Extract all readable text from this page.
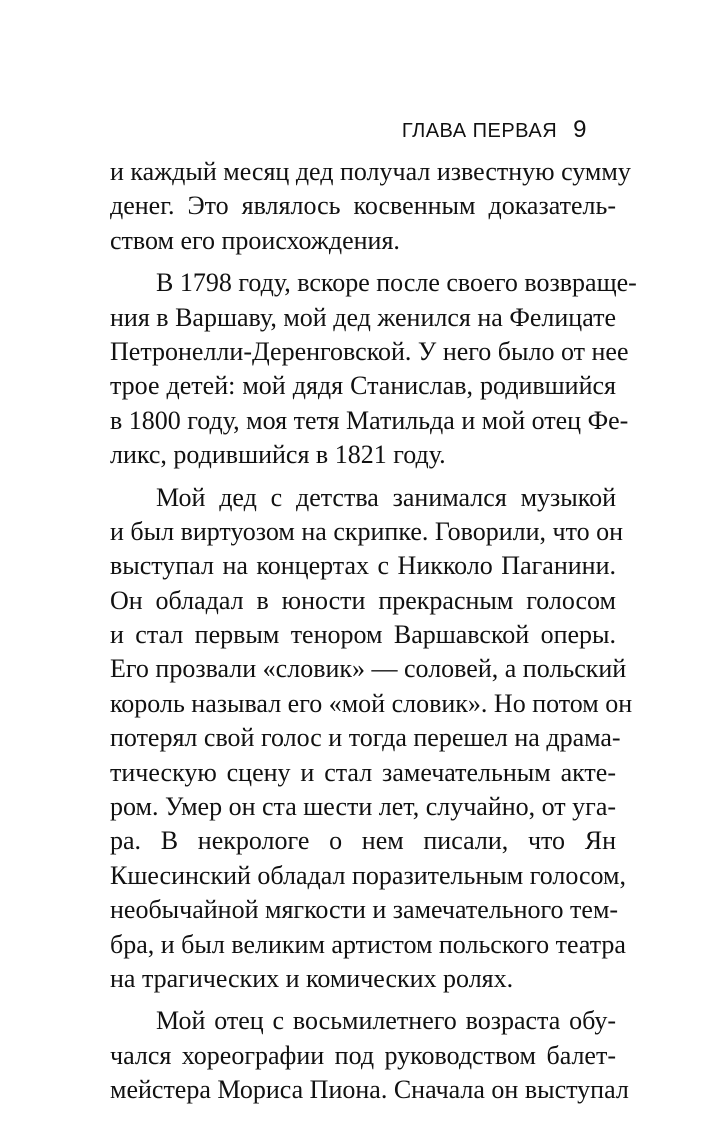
ГЛАВА ПЕРВАЯ 9

и каждый месяц дед получал известную сумму
денег. Это являлось косвенным доказатель-
ством его происхождения.

В 1798 году, вскоре после своего возвраще-
ния в Варшаву, мой дед женился на Фелицате
Петронелли-Деренговской. У него было от нее
трое детей: мой дядя Станислав, родившийся
в 1800 году, моя тетя Матильда и мой отец Фе-
ликс, родившийся в 1821 году.

Мой дед с детства занимался музыкой
и был виртуозом на скрипке. Говорили, что он
выступал на концертах с Никколо Паганини.
Он обладал в юности прекрасным голосом
и стал первым тенором Варшавской оперы.
Его прозвали «словик» — соловей, а польский
король называл его «мой словик». Но потом он
потерял свой голос и тогда перешел на драма-
тическую сцену и стал замечательным акте-
ром. Умер он ста шести лет, случайно, от уга-
ра. В некрологе о нем писали, что Ян
Кшесинский обладал поразительным голосом,
необычайной мягкости и замечательного тем-
бра, и был великим артистом польского театра
на трагических и комических ролях.

Мой отец с восьмилетнего возраста обу-
чался хореографии под руководством балет-
мейстера Мориса Пиона. Сначала он выступал
